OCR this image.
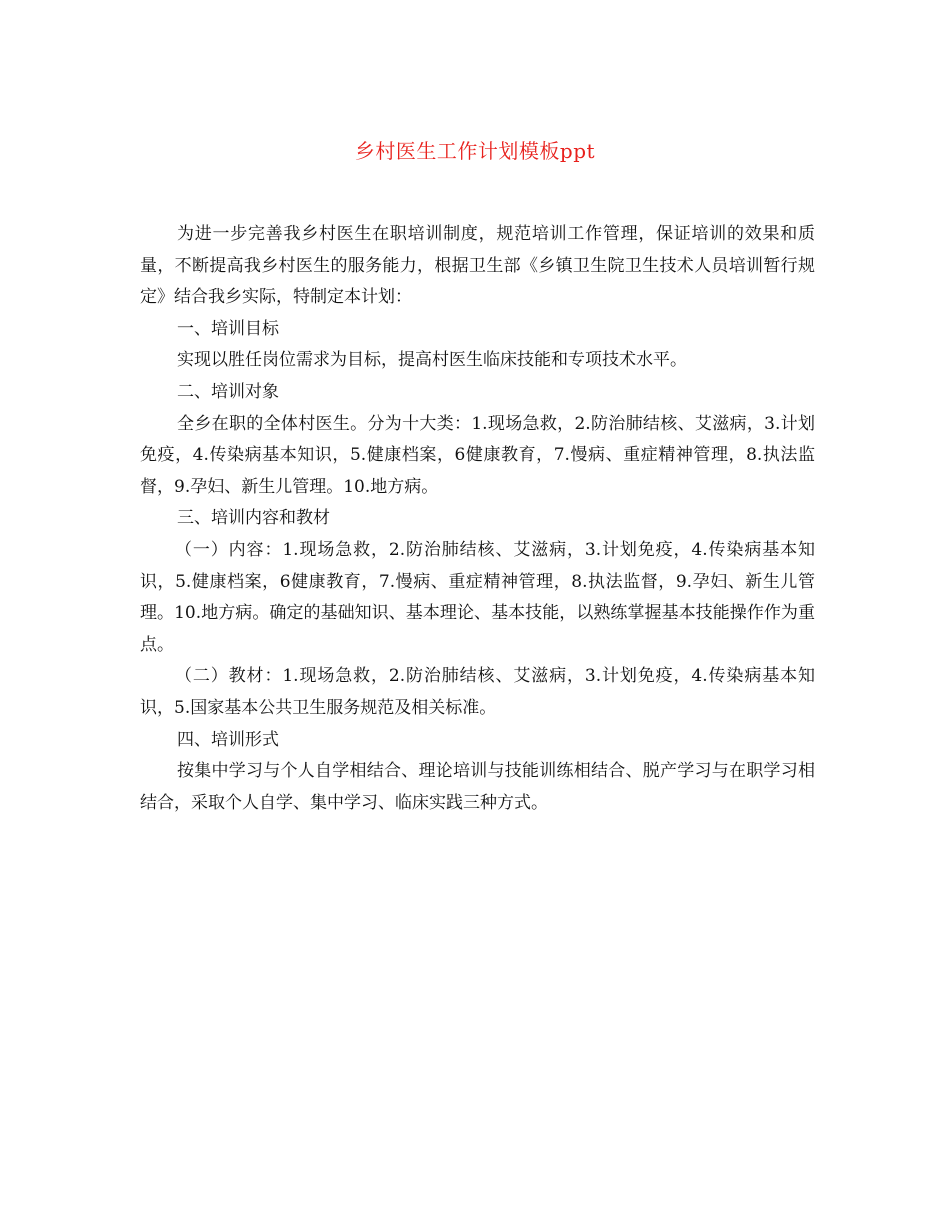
乡村医生工作计划模板ppt

为进一步完善我乡村医生在职培训制度，规范培训工作管理，保证培训的效果和质量，不断提高我乡村医生的服务能力，根据卫生部《乡镇卫生院卫生技术人员培训暂行规定》结合我乡实际，特制定本计划：

一、培训目标

实现以胜任岗位需求为目标，提高村医生临床技能和专项技术水平。

二、培训对象

全乡在职的全体村医生。分为十大类：1.现场急救，2.防治肺结核、艾滋病，3.计划免疫，4.传染病基本知识，5.健康档案，6健康教育，7.慢病、重症精神管理，8.执法监督，9.孕妇、新生儿管理。10.地方病。

三、培训内容和教材

（一）内容：1.现场急救，2.防治肺结核、艾滋病，3.计划免疫，4.传染病基本知识，5.健康档案，6健康教育，7.慢病、重症精神管理，8.执法监督，9.孕妇、新生儿管理。10.地方病。确定的基础知识、基本理论、基本技能，以熟练掌握基本技能操作作为重点。

（二）教材：1.现场急救，2.防治肺结核、艾滋病，3.计划免疫，4.传染病基本知识，5.国家基本公共卫生服务规范及相关标准。

四、培训形式

按集中学习与个人自学相结合、理论培训与技能训练相结合、脱产学习与在职学习相结合，采取个人自学、集中学习、临床实践三种方式。
